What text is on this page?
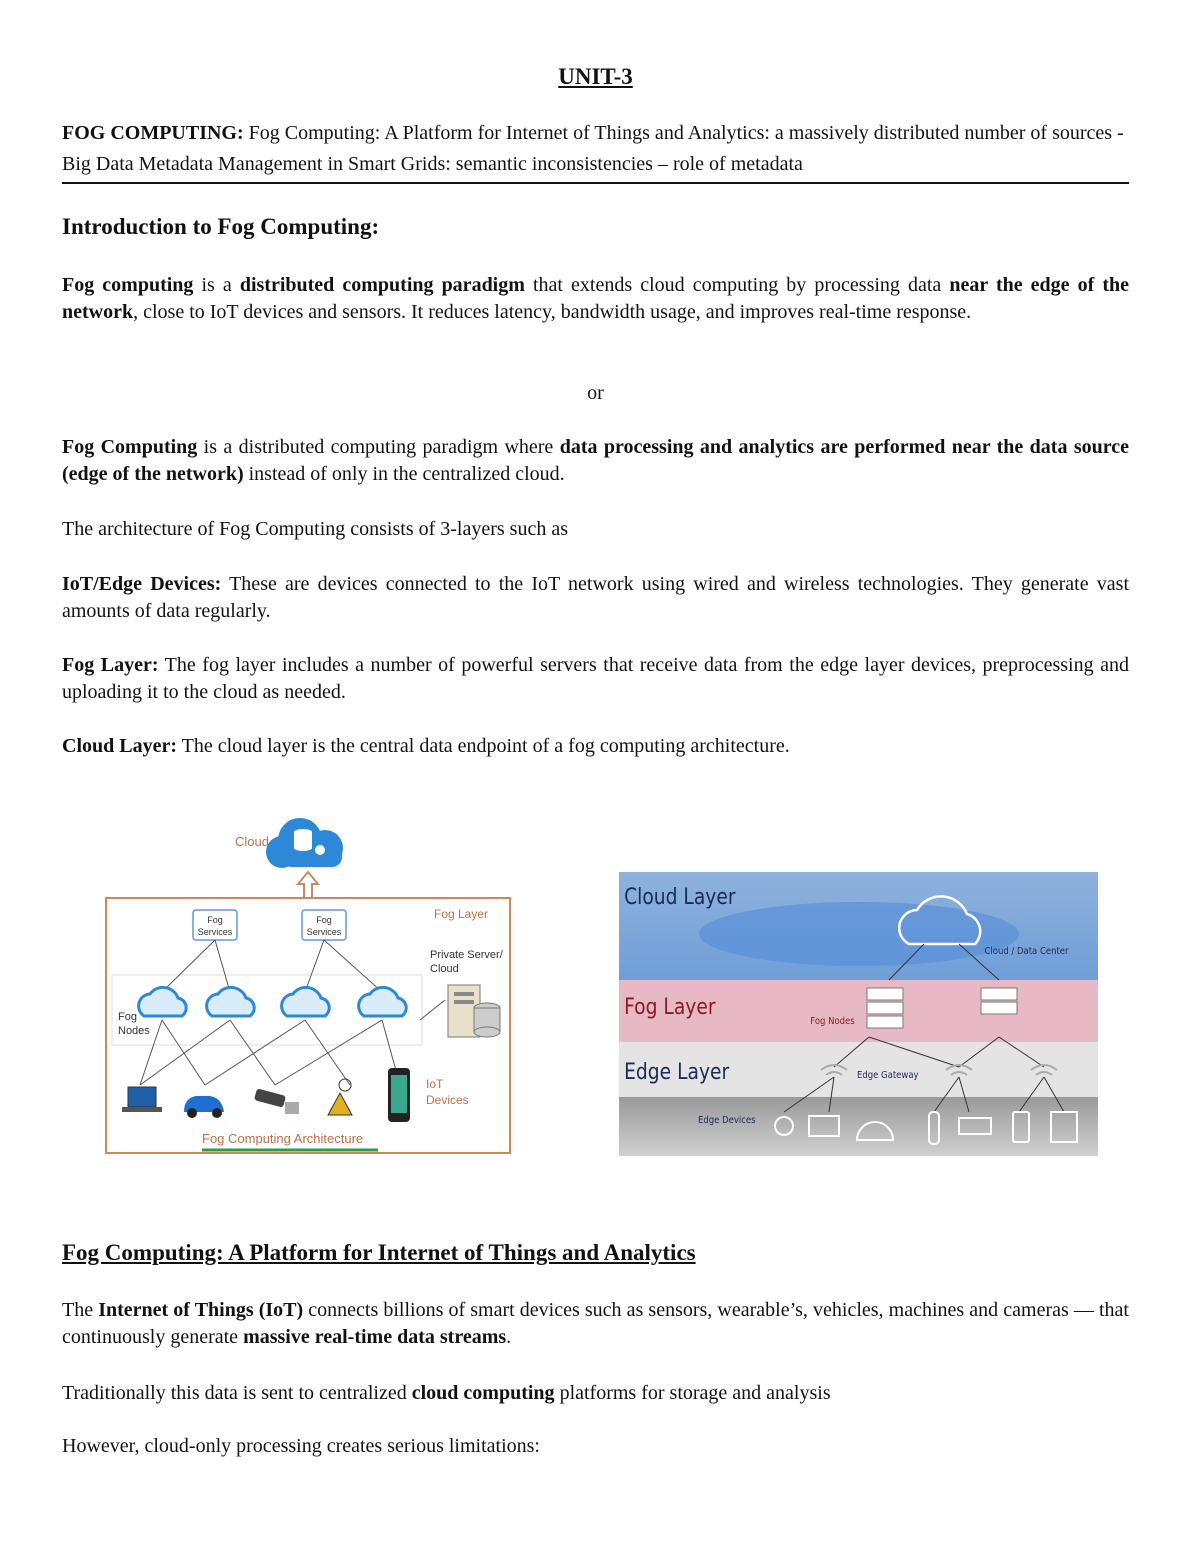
UNIT-3
FOG COMPUTING: Fog Computing: A Platform for Internet of Things and Analytics: a massively distributed number of sources - Big Data Metadata Management in Smart Grids: semantic inconsistencies – role of metadata
Introduction to Fog Computing:

Fog computing is a distributed computing paradigm that extends cloud computing by processing data near the edge of the network, close to IoT devices and sensors. It reduces latency, bandwidth usage, and improves real-time response.

or

Fog Computing is a distributed computing paradigm where data processing and analytics are performed near the data source (edge of the network) instead of only in the centralized cloud.

The architecture of Fog Computing consists of 3-layers such as

IoT/Edge Devices: These are devices connected to the IoT network using wired and wireless technologies. They generate vast amounts of data regularly.

Fog Layer: The fog layer includes a number of powerful servers that receive data from the edge layer devices, preprocessing and uploading it to the cloud as needed.

Cloud Layer: The cloud layer is the central data endpoint of a fog computing architecture.

Fog Computing: A Platform for Internet of Things and Analytics

The Internet of Things (IoT) connects billions of smart devices such as sensors, wearable’s, vehicles, machines and cameras — that continuously generate massive real-time data streams.

Traditionally this data is sent to centralized cloud computing platforms for storage and analysis

However, cloud-only processing creates serious limitations:

Cloud
Fog Layer
Fog
Services
Fog
Services
Fog
Nodes
Private Server/
Cloud
IoT
Devices
Fog Computing Architecture
Cloud Layer
Fog Layer
Edge Layer
Cloud / Data Center
Fog Nodes
Edge Gateway
Edge Devices
